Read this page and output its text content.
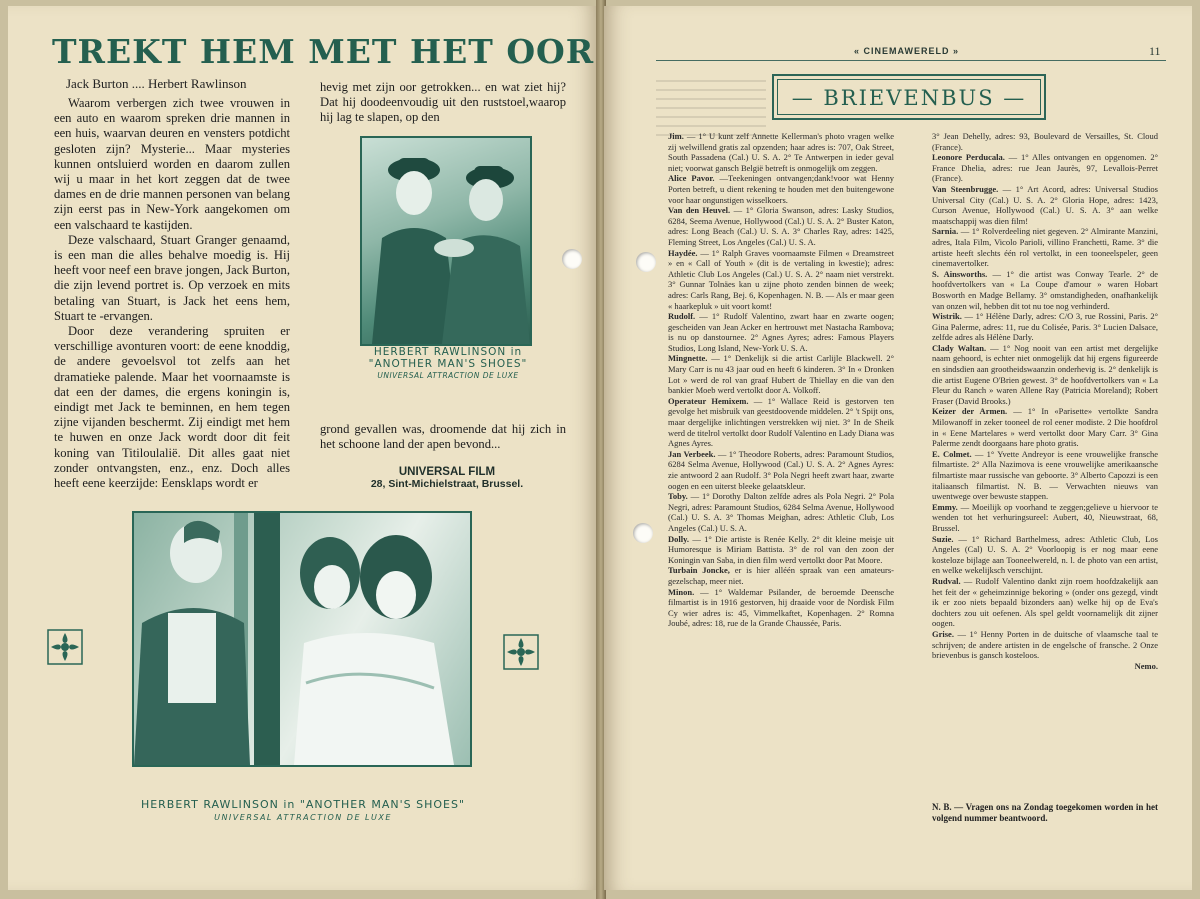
TREKT HEM MET HET OOR
Jack Burton .... Herbert Rawlinson

Waarom verbergen zich twee vrouwen in een auto en waarom spreken drie mannen in een huis, waarvan deuren en vensters potdicht gesloten zijn? Mysterie... Maar mysteries kunnen ontsluierd worden en daarom zullen wij u maar in het kort zeggen dat de twee dames en de drie mannen personen van belang zijn eerst pas in New-York aangekomen om een valschaard te kastijden.

Deze valschaard, Stuart Granger genaamd, is een man die alles behalve moedig is. Hij heeft voor neef een brave jongen, Jack Burton, die zijn levend portret is. Op verzoek en mits betaling van Stuart, is Jack het eens hem, Stuart te -ervangen.

Door deze verandering spruiten er verschillige avonturen voort: de eene knoddig, de andere gevoelsvol tot zelfs aan het dramatieke palende. Maar het voornaamste is dat een der dames, die ergens koningin is, eindigt met Jack te beminnen, en hem tegen zijne vijanden beschermt. Zij eindigt met hem te huwen en onze Jack wordt door dit feit koning van Titiloulalië. Dit alles gaat niet zonder ontvangsten, enz., enz. Doch alles heeft eene keerzijde: Eensklaps wordt er

hevig met zijn oor getrokken... en wat ziet hij? Dat hij doodeenvoudig uit den ruststoel,waarop hij lag te slapen, op den

HERBERT RAWLINSON in "ANOTHER MAN'S SHOES"
UNIVERSAL ATTRACTION DE LUXE

grond gevallen was, droomende dat hij zich in het schoone land der apen bevond...

UNIVERSAL FILM
28, Sint-Michielstraat, Brussel.
HERBERT RAWLINSON in "ANOTHER MAN'S SHOES"
UNIVERSAL ATTRACTION DE LUXE
« CINEMAWERELD »	11
— BRIEVENBUS —

Jim. — 1° U kunt zelf Annette Kellerman's photo vragen welke zij welwillend gratis zal opzenden; haar adres is: 707, Oak Street, South Passadena (Cal.) U. S. A. 2° Te Antwerpen in ieder geval niet; voorwat gansch België betreft is onmogelijk om zeggen.

Alice Pavor. —Teekeningen ontvangen;dank!voor wat Henny Porten betreft, u dient rekening te houden met den buitengewone voor haar ongunstigen wisselkoers.

Van den Heuvel. — 1° Gloria Swanson, adres: Lasky Studios, 6284, Seema Avenue, Hollywood (Cal.) U. S. A. 2° Buster Katon, adres: Long Beach (Cal.) U. S. A. 3° Charles Ray, adres: 1425, Fleming Street, Los Angeles (Cal.) U. S. A.

Haydée. — 1° Ralph Graves voornaamste Filmen « Dreamstreet » en « Call of Youth » (dit is de vertaling in kwestie); adres: Athletic Club Los Angeles (Cal.) U. S. A. 2° naam niet verstrekt. 3° Gunnar Tolnäes kan u zijne photo zenden binnen de week; adres: Carls Rang, Bej. 6, Kopenhagen. N. B. — Als er maar geen « haarkepluk » uit voort komt!

Rudolf. — 1° Rudolf Valentino, zwart haar en zwarte oogen; gescheiden van Jean Acker en hertrouwt met Nastacha Rambova; is nu op danstournee. 2° Agnes Ayres; adres: Famous Players Studios, Long Island, New-York U. S. A.

Mingnette. — 1° Denkelijk si die artist Carlijle Blackwell. 2° Mary Carr is nu 43 jaar oud en heeft 6 kinderen. 3° In « Dronken Lot » werd de rol van graaf Hubert de Thiellay en die van den bankier Moeb werd vertolkt door A. Volkoff.

Operateur Hemixem. — 1° Wallace Reid is gestorven ten gevolge het misbruik van geestdoovende middelen. 2° 't Spijt ons, maar dergelijke inlichtingen verstrekken wij niet. 3° In de Sheik werd de titelrol vertolkt door Rudolf Valentino en Lady Diana was Agnes Ayres.

Jan Verbeek. — 1° Theodore Roberts, adres: Paramount Studios, 6284 Selma Avenue, Hollywood (Cal.) U. S. A. 2° Agnes Ayres: zie antwoord 2 aan Rudolf. 3° Pola Negri heeft zwart haar, zwarte oogen en een uiterst bleeke gelaatskleur.

Toby. — 1° Dorothy Dalton zelfde adres als Pola Negri. 2° Pola Negri, adres: Paramount Studios, 6284 Selma Avenue, Hollywood (Cal.) U. S. A. 3° Thomas Meighan, adres: Athletic Club, Los Angeles (Cal.) U. S. A.

Dolly. — 1° Die artiste is Renée Kelly. 2° dit kleine meisje uit Humoresque is Miriam Battista. 3° de rol van den zoon der Koningin van Saba, in dien film werd vertolkt door Pat Moore.

Turbain Joncke, er is hier alléén spraak van een amateurs-gezelschap, meer niet.

Minon. — 1° Waldemar Psilander, de beroemde Deensche filmartist is in 1916 gestorven, hij draaide voor de Nordisk Film Cy wier adres is: 45, Vimmelkaftet, Kopenhagen. 2° Romna Joubé, adres: 18, rue de la Grande Chaussée, Paris.

3° Jean Dehelly, adres: 93, Boulevard de Versailles, St. Cloud (France).

Leonore Perducala. — 1° Alles ontvangen en opgenomen. 2° France Dhelia, adres: rue Jean Jaurès, 97, Levallois-Perret (France).

Van Steenbrugge. — 1° Art Acord, adres: Universal Studios Universal City (Cal.) U. S. A. 2° Gloria Hope, adres: 1423, Curson Avenue, Hollywood (Cal.) U. S. A. 3° aan welke maatschappij was dien film!

Sarnia. — 1° Rolverdeeling niet gegeven. 2° Almirante Manzini, adres, Itala Film, Vicolo Parioli, villino Franchetti, Rame. 3° die artiste heeft slechts één rol vertolkt, in een tooneelspeler, geen cinemavertolker.

S. Ainsworths. — 1° die artist was Conway Tearle. 2° de hoofdvertolkers van « La Coupe d'amour » waren Hobart Bosworth en Madge Bellamy. 3° omstandigheden, onafhankelijk van onzen wil, hebben dit tot nu toe nog verhinderd.

Wistrik. — 1° Hélène Darly, adres: C/O 3, rue Rossini, Paris. 2° Gina Palerme, adres: 11, rue du Colisée, Paris. 3° Lucien Dalsace, zelfde adres als Hélène Darly.

Clady Waltan. — 1° Nog nooit van een artist met dergelijke naam gehoord, is echter niet onmogelijk dat hij ergens figureerde en sindsdien aan grootheidswaanzin onderhevig is. 2° denkelijk is die artist Eugene O'Brien gewest. 3° de hoofdvertolkers van « La Fleur du Ranch » waren Allene Ray (Patricia Moreland); Robert Fraser (David Brooks.)

Keizer der Armen. — 1° In «Parisette» vertolkte Sandra Milowanoff in zeker tooneel de rol eener modiste. 2 Die hoofdrol in « Eene Martelares » werd vertolkt door Mary Carr. 3° Gina Palerme zendt doorgaans hare photo gratis.

E. Colmet. — 1° Yvette Andreyor is eene vrouwelijke fransche filmartiste. 2° Alla Nazimova is eene vrouwelijke amerikaansche filmartiste maar russische van geboorte. 3° Alberto Capozzi is een italiaansch filmartist. N. B. — Verwachten nieuws van uwentwege over bewuste stappen.

Emmy. — Moeilijk op voorhand te zeggen;gelieve u hiervoor te wenden tot het verhuringsureel: Aubert, 40, Nieuwstraat, 68, Brussel.

Suzie. — 1° Richard Barthelmess, adres: Athletic Club, Los Angeles (Cal) U. S. A. 2° Voorloopig is er nog maar eene kosteloze bijlage aan Tooneelwereld, n. l. de photo van een artist, en welke wekelijksch verschijnt.

Rudval. — Rudolf Valentino dankt zijn roem hoofdzakelijk aan het feit der « geheimzinnige bekoring » (onder ons gezegd, vindt ik er zoo niets bepaald bizonders aan) welke hij op de Eva's dochters zou uit oefenen. Als spel geldt voornamelijk dit zijner oogen.

Grise. — 1° Henny Porten in de duitsche of vlaamsche taal te schrijven; de andere artisten in de engelsche of fransche. 2 Onze brievenbus is gansch kosteloos.

Nemo.

N. B. — Vragen ons na Zondag toegekomen worden in het volgend nummer beantwoord.
